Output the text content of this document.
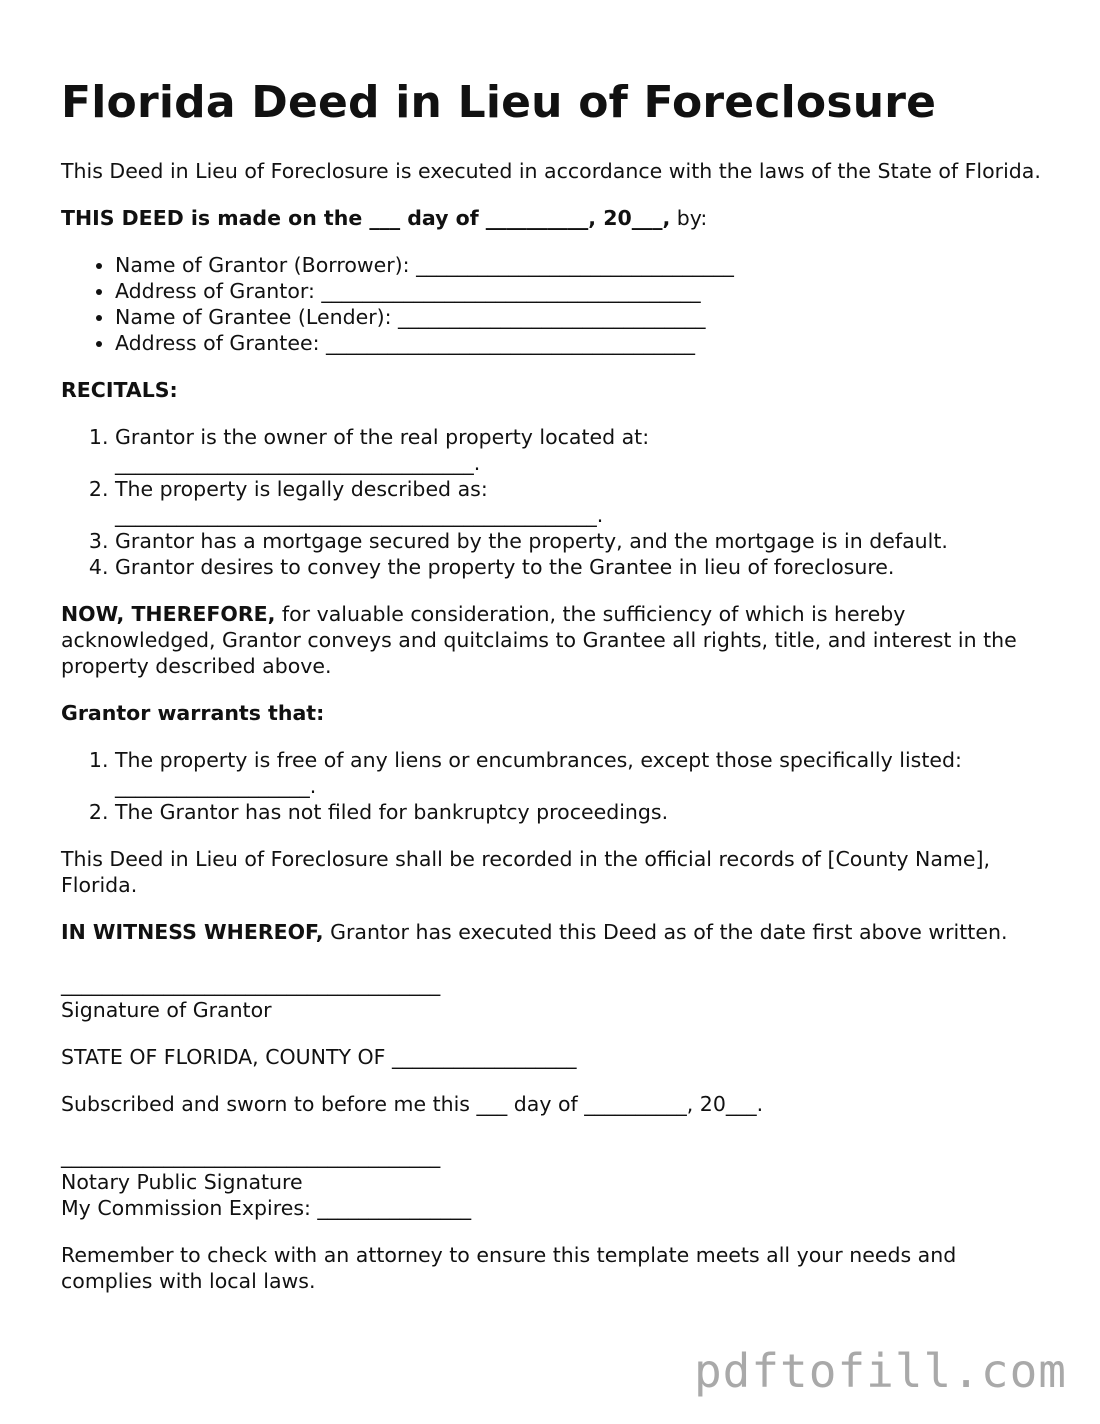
Florida Deed in Lieu of Foreclosure

This Deed in Lieu of Foreclosure is executed in accordance with the laws of the State of Florida.

THIS DEED is made on the ___ day of __________, 20___, by:

• Name of Grantor (Borrower): _______________________________
• Address of Grantor: _____________________________________
• Name of Grantee (Lender): ______________________________
• Address of Grantee: ____________________________________

RECITALS:

1. Grantor is the owner of the real property located at: ___________________________________.
2. The property is legally described as: _______________________________________________.
3. Grantor has a mortgage secured by the property, and the mortgage is in default.
4. Grantor desires to convey the property to the Grantee in lieu of foreclosure.

NOW, THEREFORE, for valuable consideration, the sufficiency of which is hereby acknowledged, Grantor conveys and quitclaims to Grantee all rights, title, and interest in the property described above.

Grantor warrants that:

1. The property is free of any liens or encumbrances, except those specifically listed: ___________________.
2. The Grantor has not filed for bankruptcy proceedings.

This Deed in Lieu of Foreclosure shall be recorded in the official records of [County Name], Florida.

IN WITNESS WHEREOF, Grantor has executed this Deed as of the date first above written.

_____________________________________
Signature of Grantor

STATE OF FLORIDA, COUNTY OF __________________

Subscribed and sworn to before me this ___ day of __________, 20___.

_____________________________________
Notary Public Signature
My Commission Expires: _______________

Remember to check with an attorney to ensure this template meets all your needs and complies with local laws.

pdftofill.com
